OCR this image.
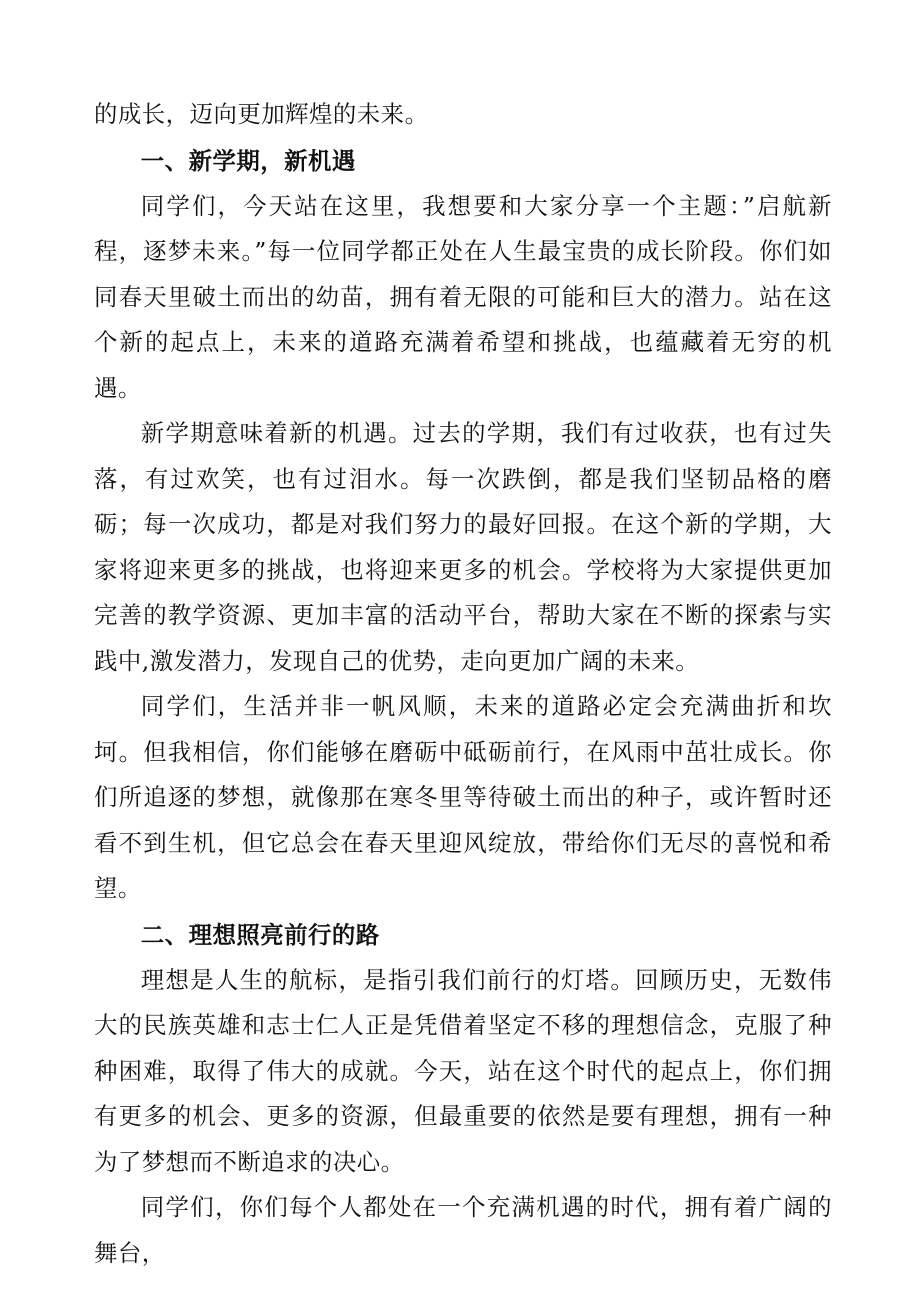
的成长，迈向更加辉煌的未来。

一、新学期，新机遇

同学们，今天站在这里，我想要和大家分享一个主题：”启航新程，逐梦未来。”每一位同学都正处在人生最宝贵的成长阶段。你们如同春天里破土而出的幼苗，拥有着无限的可能和巨大的潜力。站在这个新的起点上，未来的道路充满着希望和挑战，也蕴藏着无穷的机遇。

新学期意味着新的机遇。过去的学期，我们有过收获，也有过失落，有过欢笑，也有过泪水。每一次跌倒，都是我们坚韧品格的磨砺；每一次成功，都是对我们努力的最好回报。在这个新的学期，大家将迎来更多的挑战，也将迎来更多的机会。学校将为大家提供更加完善的教学资源、更加丰富的活动平台，帮助大家在不断的探索与实践中,激发潜力，发现自己的优势，走向更加广阔的未来。

同学们，生活并非一帆风顺，未来的道路必定会充满曲折和坎坷。但我相信，你们能够在磨砺中砥砺前行，在风雨中茁壮成长。你们所追逐的梦想，就像那在寒冬里等待破土而出的种子，或许暂时还看不到生机，但它总会在春天里迎风绽放，带给你们无尽的喜悦和希望。

二、理想照亮前行的路

理想是人生的航标，是指引我们前行的灯塔。回顾历史，无数伟大的民族英雄和志士仁人正是凭借着坚定不移的理想信念，克服了种种困难，取得了伟大的成就。今天，站在这个时代的起点上，你们拥有更多的机会、更多的资源，但最重要的依然是要有理想，拥有一种为了梦想而不断追求的决心。

同学们，你们每个人都处在一个充满机遇的时代，拥有着广阔的舞台，
